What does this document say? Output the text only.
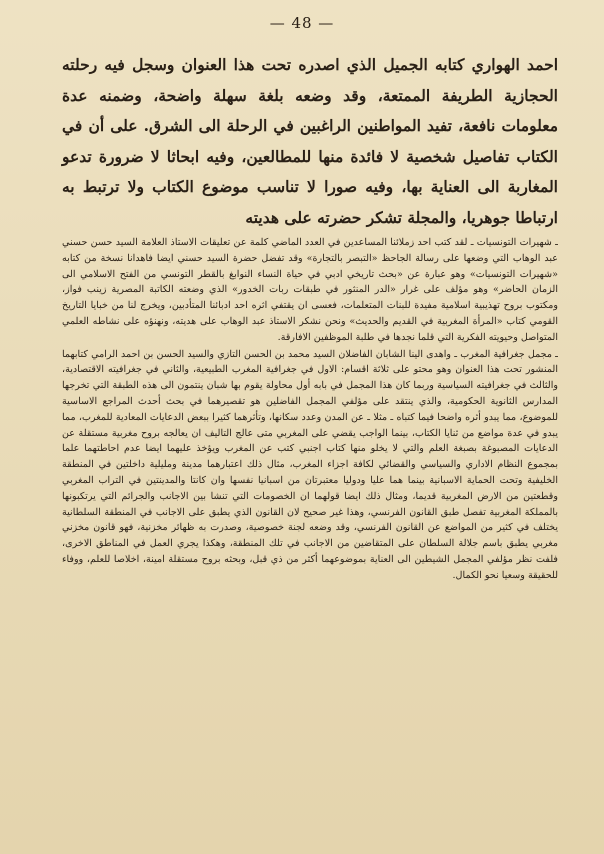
— 48 —

احمد الهواري كتابه الجميل الذي اصدره تحت هذا العنوان وسجل فيه رحلته الحجازية الطريفة الممتعة، وقد وضعه بلغة سهلة واضحة، وضمنه عدة معلومات نافعة، تفيد المواطنين الراغبين في الرحلة الى الشرق. على أن في الكتاب تفاصيل شخصية لا فائدة منها للمطالعين، وفيه ابحاثا لا ضرورة تدعو المغاربة الى العناية بها، وفيه صورا لا تناسب موضوع الكتاب ولا ترتبط به ارتباطا جوهريا، والمجلة تشكر حضرته على هديته

ـ شهيرات التونسيات ـ لقد كتب احد زملائنا المساعدين في العدد الماضي كلمة عن تعليقات الاستاذ العلامة السيد حسن حسني عبد الوهاب التي وضعها على رسالة الجاحظ «التبصر بالتجارة» وقد تفضل حضرة السيد حسني ايضا فاهدانا نسخة من كتابه «شهيرات التونسيات» وهو عبارة عن «بحث تاريخي ادبي في حياة النساء النوابغ بالقطر التونسي من الفتح الاسلامي الى الزمان الحاضر» وهو مؤلف على غرار «الدر المنثور في طبقات ربات الخدور» الذي وضعته الكاتبة المصرية زينب فواز، ومكتوب بروح تهذيبية اسلامية مفيدة للبنات المتعلمات، فعسى ان يقتفي اثره احد ادبائنا المتأدبين، ويخرج لنا من خبايا التاريخ القومي كتاب «المرأة المغربية في القديم والحديث» ونحن نشكر الاستاذ عبد الوهاب على هديته، ونهنؤه على نشاطه العلمي المتواصل وحيويته الفكرية التي قلما نجدها في طلبة الموظفين الافارقة.

ـ مجمل جغرافية المغرب ـ واهدى الينا الشابان الفاضلان السيد محمد بن الحسن التازي والسيد الحسن بن احمد الرامي كتابهما المنشور تحت هذا العنوان وهو محتو على ثلاثة اقسام: الاول في جغرافية المغرب الطبيعية، والثاني في جغرافيته الاقتصادية، والثالث في جغرافيته السياسية وربما كان هذا المجمل في بابه أول محاولة يقوم بها شبان ينتمون الى هذه الطبقة التي تخرجها المدارس الثانوية الحكومية، والذي ينتقد على مؤلفي المجمل الفاضلين هو تقصيرهما في بحث أحدث المراجع الاساسية للموضوع، مما يبدو أثره واضحا فيما كتباه ـ مثلا ـ عن المدن وعدد سكانها، وتأثرهما كثيرا ببعض الدعايات المعادية للمغرب، مما يبدو في عدة مواضع من ثنايا الكتاب، بينما الواجب يقضي على المغربي متى عالج التاليف ان يعالجه بروح مغربية مستقلة عن الدعايات المصبوغة بصبغة العلم والتي لا يخلو منها كتاب اجنبي كتب عن المغرب ويؤخذ عليهما ايضا عدم احاطتهما علما بمجموع النظام الاداري والسياسي والقضائي لكافة اجزاء المغرب، مثال ذلك اعتبارهما مدينة ومليلية داخلتين في المنطقة الخليفية وتحت الحماية الاسبانية بينما هما عليا ودوليا معتبرتان من اسبانيا نفسها وان كانتا والمدينتين في التراب المغربي وقطعتين من الارض المغربية قديما، ومثال ذلك ايضا قولهما ان الخصومات التي تنشا بين الاجانب والجرائم التي يرتكبونها بالمملكة المغربية تفصل طبق القانون الفرنسي، وهذا غير صحيح لان القانون الذي يطبق على الاجانب في المنطقة السلطانية يختلف في كثير من المواضع عن القانون الفرنسي، وقد وضعه لجنة خصوصية، وصدرت به ظهائر مخزنية، فهو قانون مخزني مغربي يطبق باسم جلالة السلطان على المتقاضين من الاجانب في تلك المنطقة، وهكذا يجري العمل في المناطق الاخرى، فلفت نظر مؤلفي المجمل الشيطين الى العناية بموضوعهما أكثر من ذي قبل، وبحثه بروح مستقلة امينة، اخلاصا للعلم، ووفاء للحقيقة وسعيا نحو الكمال.
